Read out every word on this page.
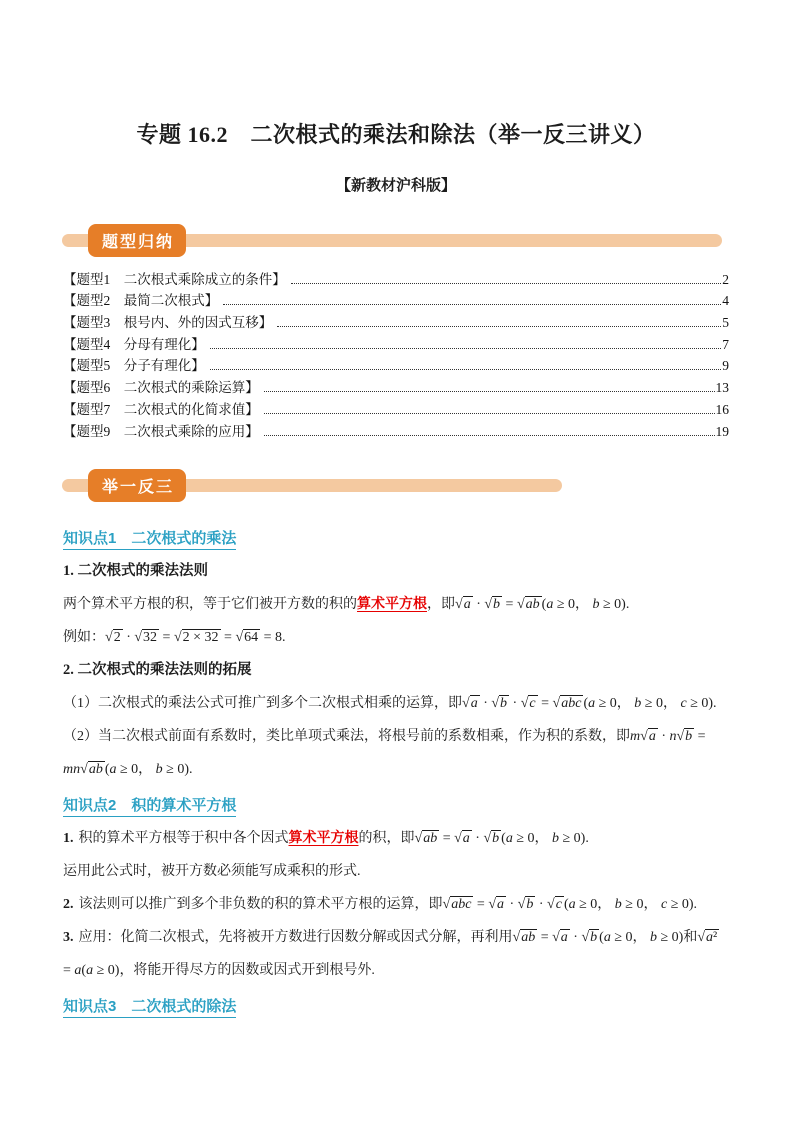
专题 16.2　二次根式的乘法和除法（举一反三讲义）
【新教材沪科版】
题型归纳
【题型1　二次根式乘除成立的条件】	2
【题型2　最简二次根式】	4
【题型3　根号内、外的因式互移】	5
【题型4　分母有理化】	7
【题型5　分子有理化】	9
【题型6　二次根式的乘除运算】	13
【题型7　二次根式的化简求值】	16
【题型9　二次根式乘除的应用】	19
举一反三
知识点1　二次根式的乘法

1. 二次根式的乘法法则

两个算术平方根的积，等于它们被开方数的积的算术平方根，即√a · √b = √ab (a ≥ 0， b ≥ 0).

例如：√2 · √32 = √2 × 32 = √64 = 8.

2. 二次根式的乘法法则的拓展

（1）二次根式的乘法公式可推广到多个二次根式相乘的运算，即√a · √b · √c = √abc (a ≥ 0， b ≥ 0， c ≥ 0).

（2）当二次根式前面有系数时，类比单项式乘法，将根号前的系数相乘，作为积的系数，即m√a · n√b = mn√ab (a ≥ 0， b ≥ 0).

知识点2　积的算术平方根

1. 积的算术平方根等于积中各个因式算术平方根的积，即√ab = √a · √b (a ≥ 0， b ≥ 0).

运用此公式时，被开方数必须能写成乘积的形式.

2. 该法则可以推广到多个非负数的积的算术平方根的运算，即√abc = √a · √b · √c (a ≥ 0， b ≥ 0， c ≥ 0).

3. 应用：化简二次根式，先将被开方数进行因数分解或因式分解，再利用√ab = √a · √b (a ≥ 0， b ≥ 0)和√a² = a(a ≥ 0)，将能开得尽方的因数或因式开到根号外.

知识点3　二次根式的除法
